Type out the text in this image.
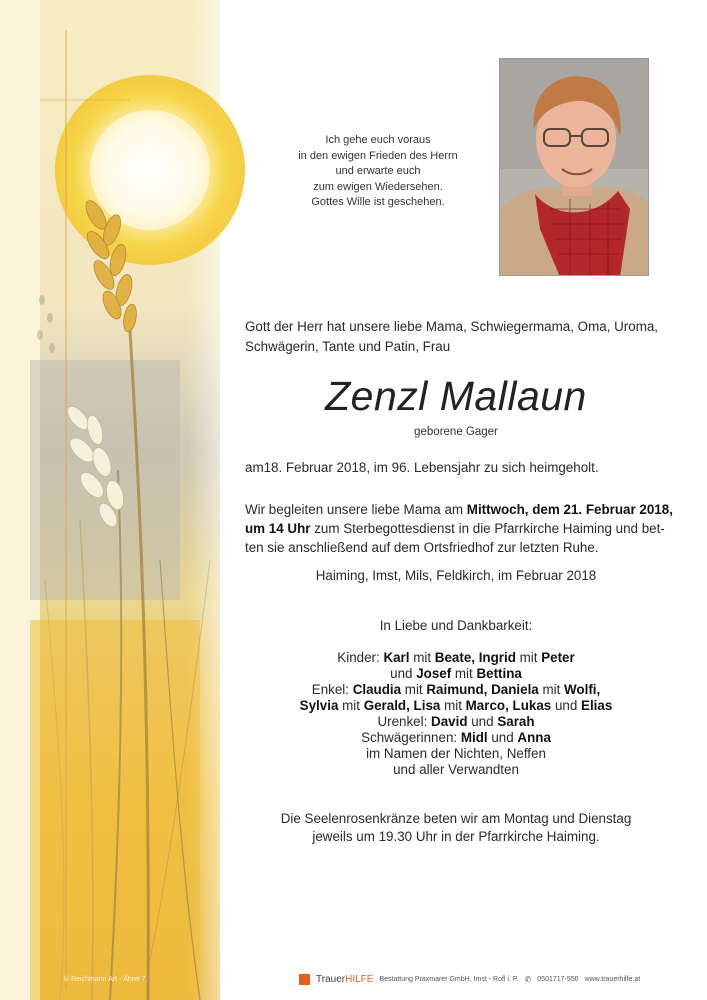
© Reichmann Art - Ährel 7
Ich gehe euch voraus
in den ewigen Frieden des Herrn
und erwarte euch
zum ewigen Wiedersehen.
Gottes Wille ist geschehen.
Gott der Herr hat unsere liebe Mama, Schwiegermama, Oma, Uroma, Schwägerin, Tante und Patin, Frau
Zenzl Mallaun
geborene Gager
am18. Februar 2018, im 96. Lebensjahr zu sich heimgeholt.
Wir begleiten unsere liebe Mama am Mittwoch, dem 21. Februar 2018,
um 14 Uhr zum Sterbegottesdienst in die Pfarrkirche Haiming und bet-
ten sie anschließend auf dem Ortsfriedhof zur letzten Ruhe.
Haiming, Imst, Mils, Feldkirch, im Februar 2018
In Liebe und Dankbarkeit:
Kinder: Karl mit Beate, Ingrid mit Peter
und Josef mit Bettina
Enkel: Claudia mit Raimund, Daniela mit Wolfi,
Sylvia mit Gerald, Lisa mit Marco, Lukas und Elias
Urenkel: David und Sarah
Schwägerinnen: Midl und Anna
im Namen der Nichten, Neffen
und aller Verwandten
Die Seelenrosenkränze beten wir am Montag und Dienstag
jeweils um 19.30 Uhr in der Pfarrkirche Haiming.
TrauerHILFE Bestattung Praxmarer GmbH, Imst - Rofl i. P. ✆ 0501717-550 www.trauerhilfe.at
